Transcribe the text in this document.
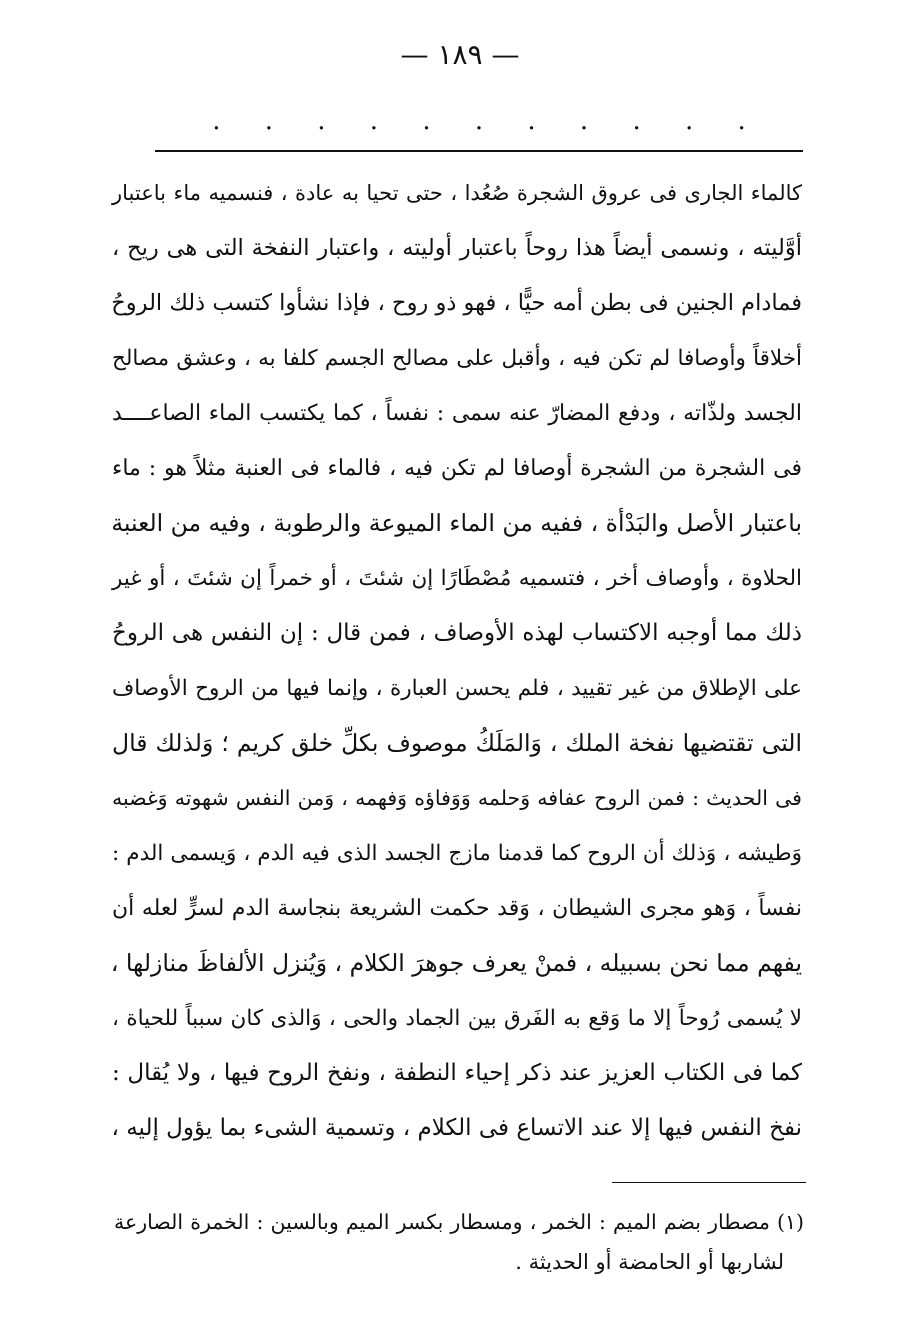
— ١٨٩ —
. . . . . . . . . . .
كالماء الجارى فى عروق الشجرة صُعُدا ، حتى تحيا به عادة ، فنسميه ماء باعتبار
أوَّليته ، ونسمى أيضاً هذا روحاً باعتبار أوليته ، واعتبار النفخة التى هى ريح ،
فمادام الجنين فى بطن أمه حيًّا ، فهو ذو روح ، فإذا نشأوا كتسب ذلك الروحُ
أخلاقاً وأوصافا لم تكن فيه ، وأقبل على مصالح الجسم كلفا به ، وعشق مصالح
الجسد ولذّاته ، ودفع المضارّ عنه سمى : نفساً ، كما يكتسب الماء الصاعــــد
فى الشجرة من الشجرة أوصافا لم تكن فيه ، فالماء فى العنبة مثلاً هو : ماء
باعتبار الأصل والبَدْأة ، ففيه من الماء الميوعة والرطوبة ، وفيه من العنبة
الحلاوة ، وأوصاف أخر ، فتسميه مُصْطَارًا إن شئتَ ، أو خمراً إن شئتَ ، أو غير
ذلك مما أوجبه الاكتساب لهذه الأوصاف ، فمن قال : إن النفس هى الروحُ
على الإطلاق من غير تقييد ، فلم يحسن العبارة ، وإنما فيها من الروح الأوصاف
التى تقتضيها نفخة الملك ، وَالمَلَكُ موصوف بكلِّ خلق كريم ؛ وَلذلك قال
فى الحديث : فمن الروح عفافه وَحلمه وَوَفاؤه وَفهمه ، وَمن النفس شهوته وَغضبه
وَطيشه ، وَذلك أن الروح كما قدمنا مازج الجسد الذى فيه الدم ، وَيسمى الدم :
نفساً ، وَهو مجرى الشيطان ، وَقد حكمت الشريعة بنجاسة الدم لسرٍّ لعله أن
يفهم مما نحن بسبيله ، فمنْ يعرف جوهرَ الكلام ، وَيُنزل الألفاظَ منازلها ،
لا يُسمى رُوحاً إلا ما وَقع به الفَرق بين الجماد والحى ، وَالذى كان سبباً للحياة ،
كما فى الكتاب العزيز عند ذكر إحياء النطفة ، ونفخ الروح فيها ، ولا يُقال :
نفخ النفس فيها إلا عند الاتساع فى الكلام ، وتسمية الشىء بما يؤول إليه ،
(١) مصطار بضم الميم : الخمر ، ومسطار بكسر الميم وبالسين : الخمرة الصارعة
لشاربها أو الحامضة أو الحديثة .
